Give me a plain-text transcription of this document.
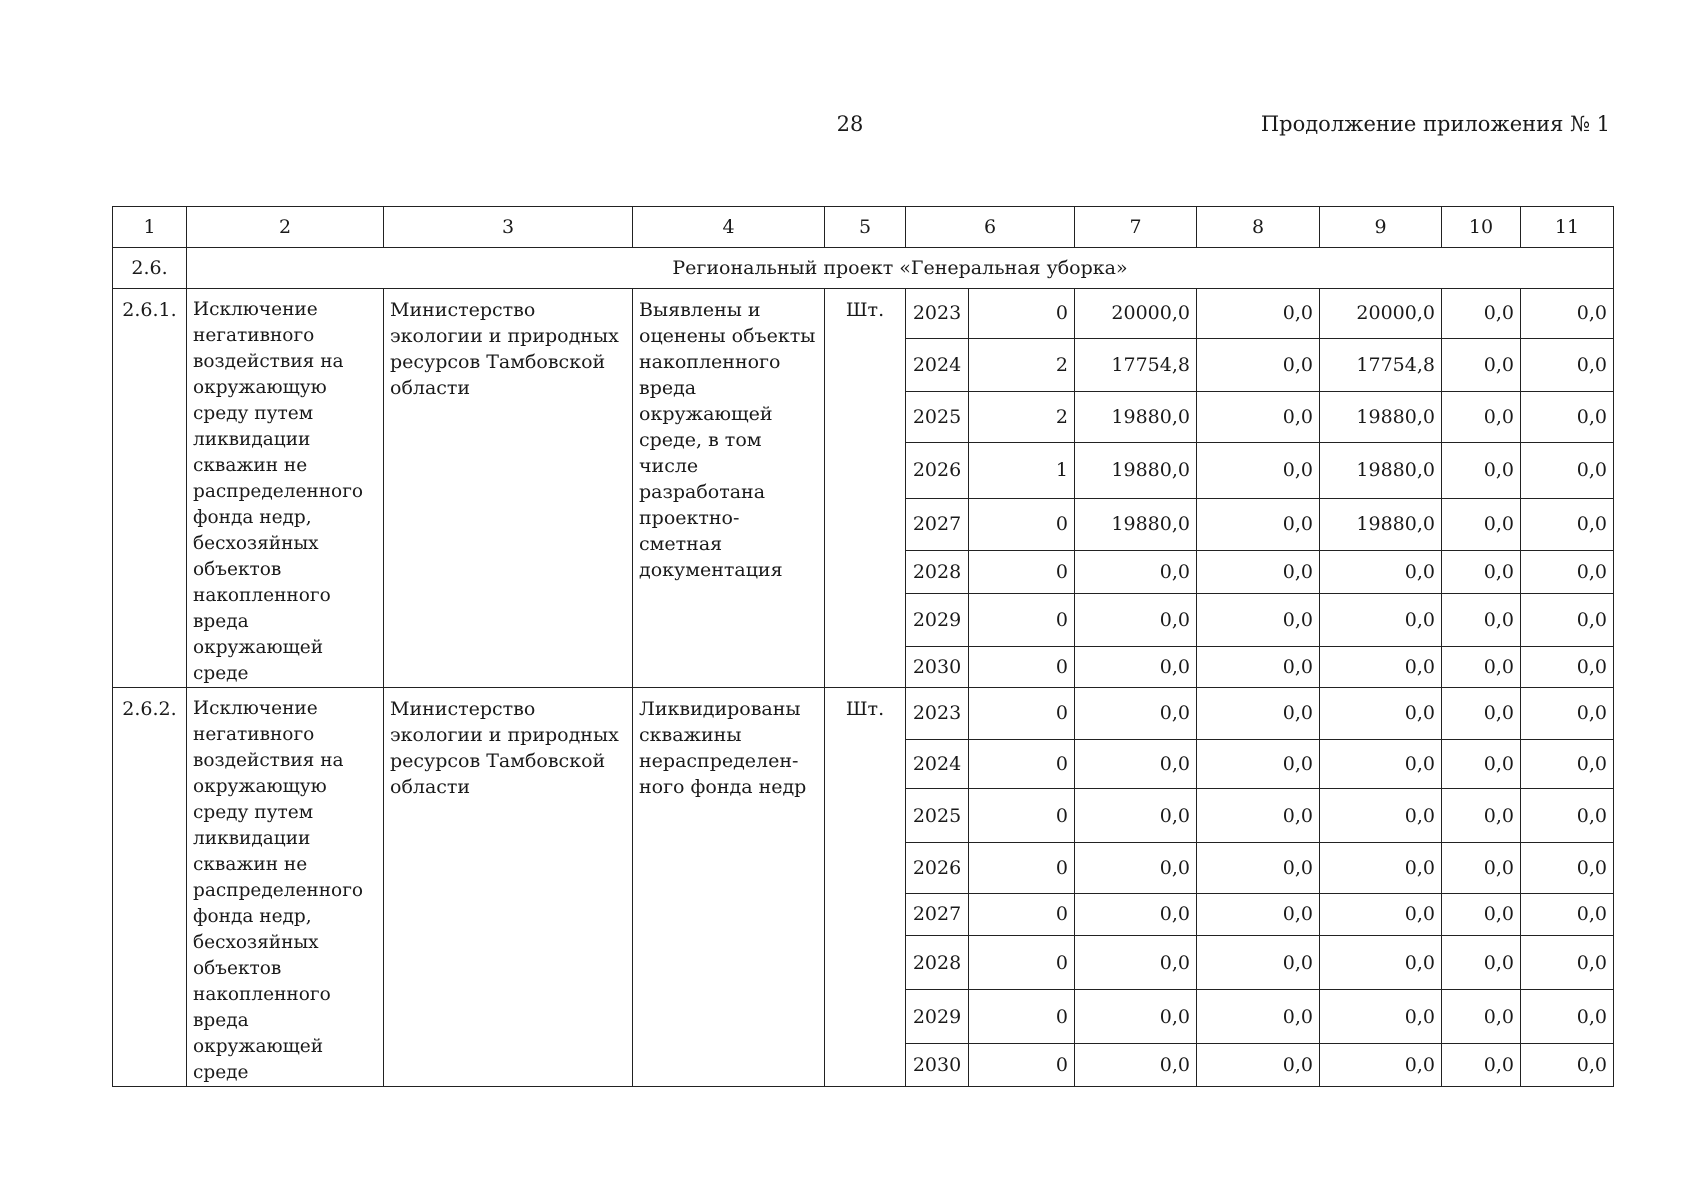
28	Продолжение приложения № 1
1	2	3	4	5	6		7	8	9	10	11
2.6.	Региональный проект «Генеральная уборка»										
2.6.1.	Исключение негативного воздействия на окружающую среду путем ликвидации скважин не распределенного фонда недр, бесхозяйных объектов накопленного вреда окружающей среде	Министерство экологии и природных ресурсов Тамбовской области	Выявлены и оценены объекты накопленного вреда окружающей среде, в том числе разработана проектно-сметная документация	Шт.	2023	0	20000,0	0,0	20000,0	0,0	0,0
					2024	2	17754,8	0,0	17754,8	0,0	0,0
					2025	2	19880,0	0,0	19880,0	0,0	0,0
					2026	1	19880,0	0,0	19880,0	0,0	0,0
					2027	0	19880,0	0,0	19880,0	0,0	0,0
					2028	0	0,0	0,0	0,0	0,0	0,0
					2029	0	0,0	0,0	0,0	0,0	0,0
					2030	0	0,0	0,0	0,0	0,0	0,0
2.6.2.	Исключение негативного воздействия на окружающую среду путем ликвидации скважин не распределенного фонда недр, бесхозяйных объектов накопленного вреда окружающей среде	Министерство экологии и природных ресурсов Тамбовской области	Ликвидированы скважины нераспределен-ного фонда недр	Шт.	2023	0	0,0	0,0	0,0	0,0	0,0
					2024	0	0,0	0,0	0,0	0,0	0,0
					2025	0	0,0	0,0	0,0	0,0	0,0
					2026	0	0,0	0,0	0,0	0,0	0,0
					2027	0	0,0	0,0	0,0	0,0	0,0
					2028	0	0,0	0,0	0,0	0,0	0,0
					2029	0	0,0	0,0	0,0	0,0	0,0
					2030	0	0,0	0,0	0,0	0,0	0,0
